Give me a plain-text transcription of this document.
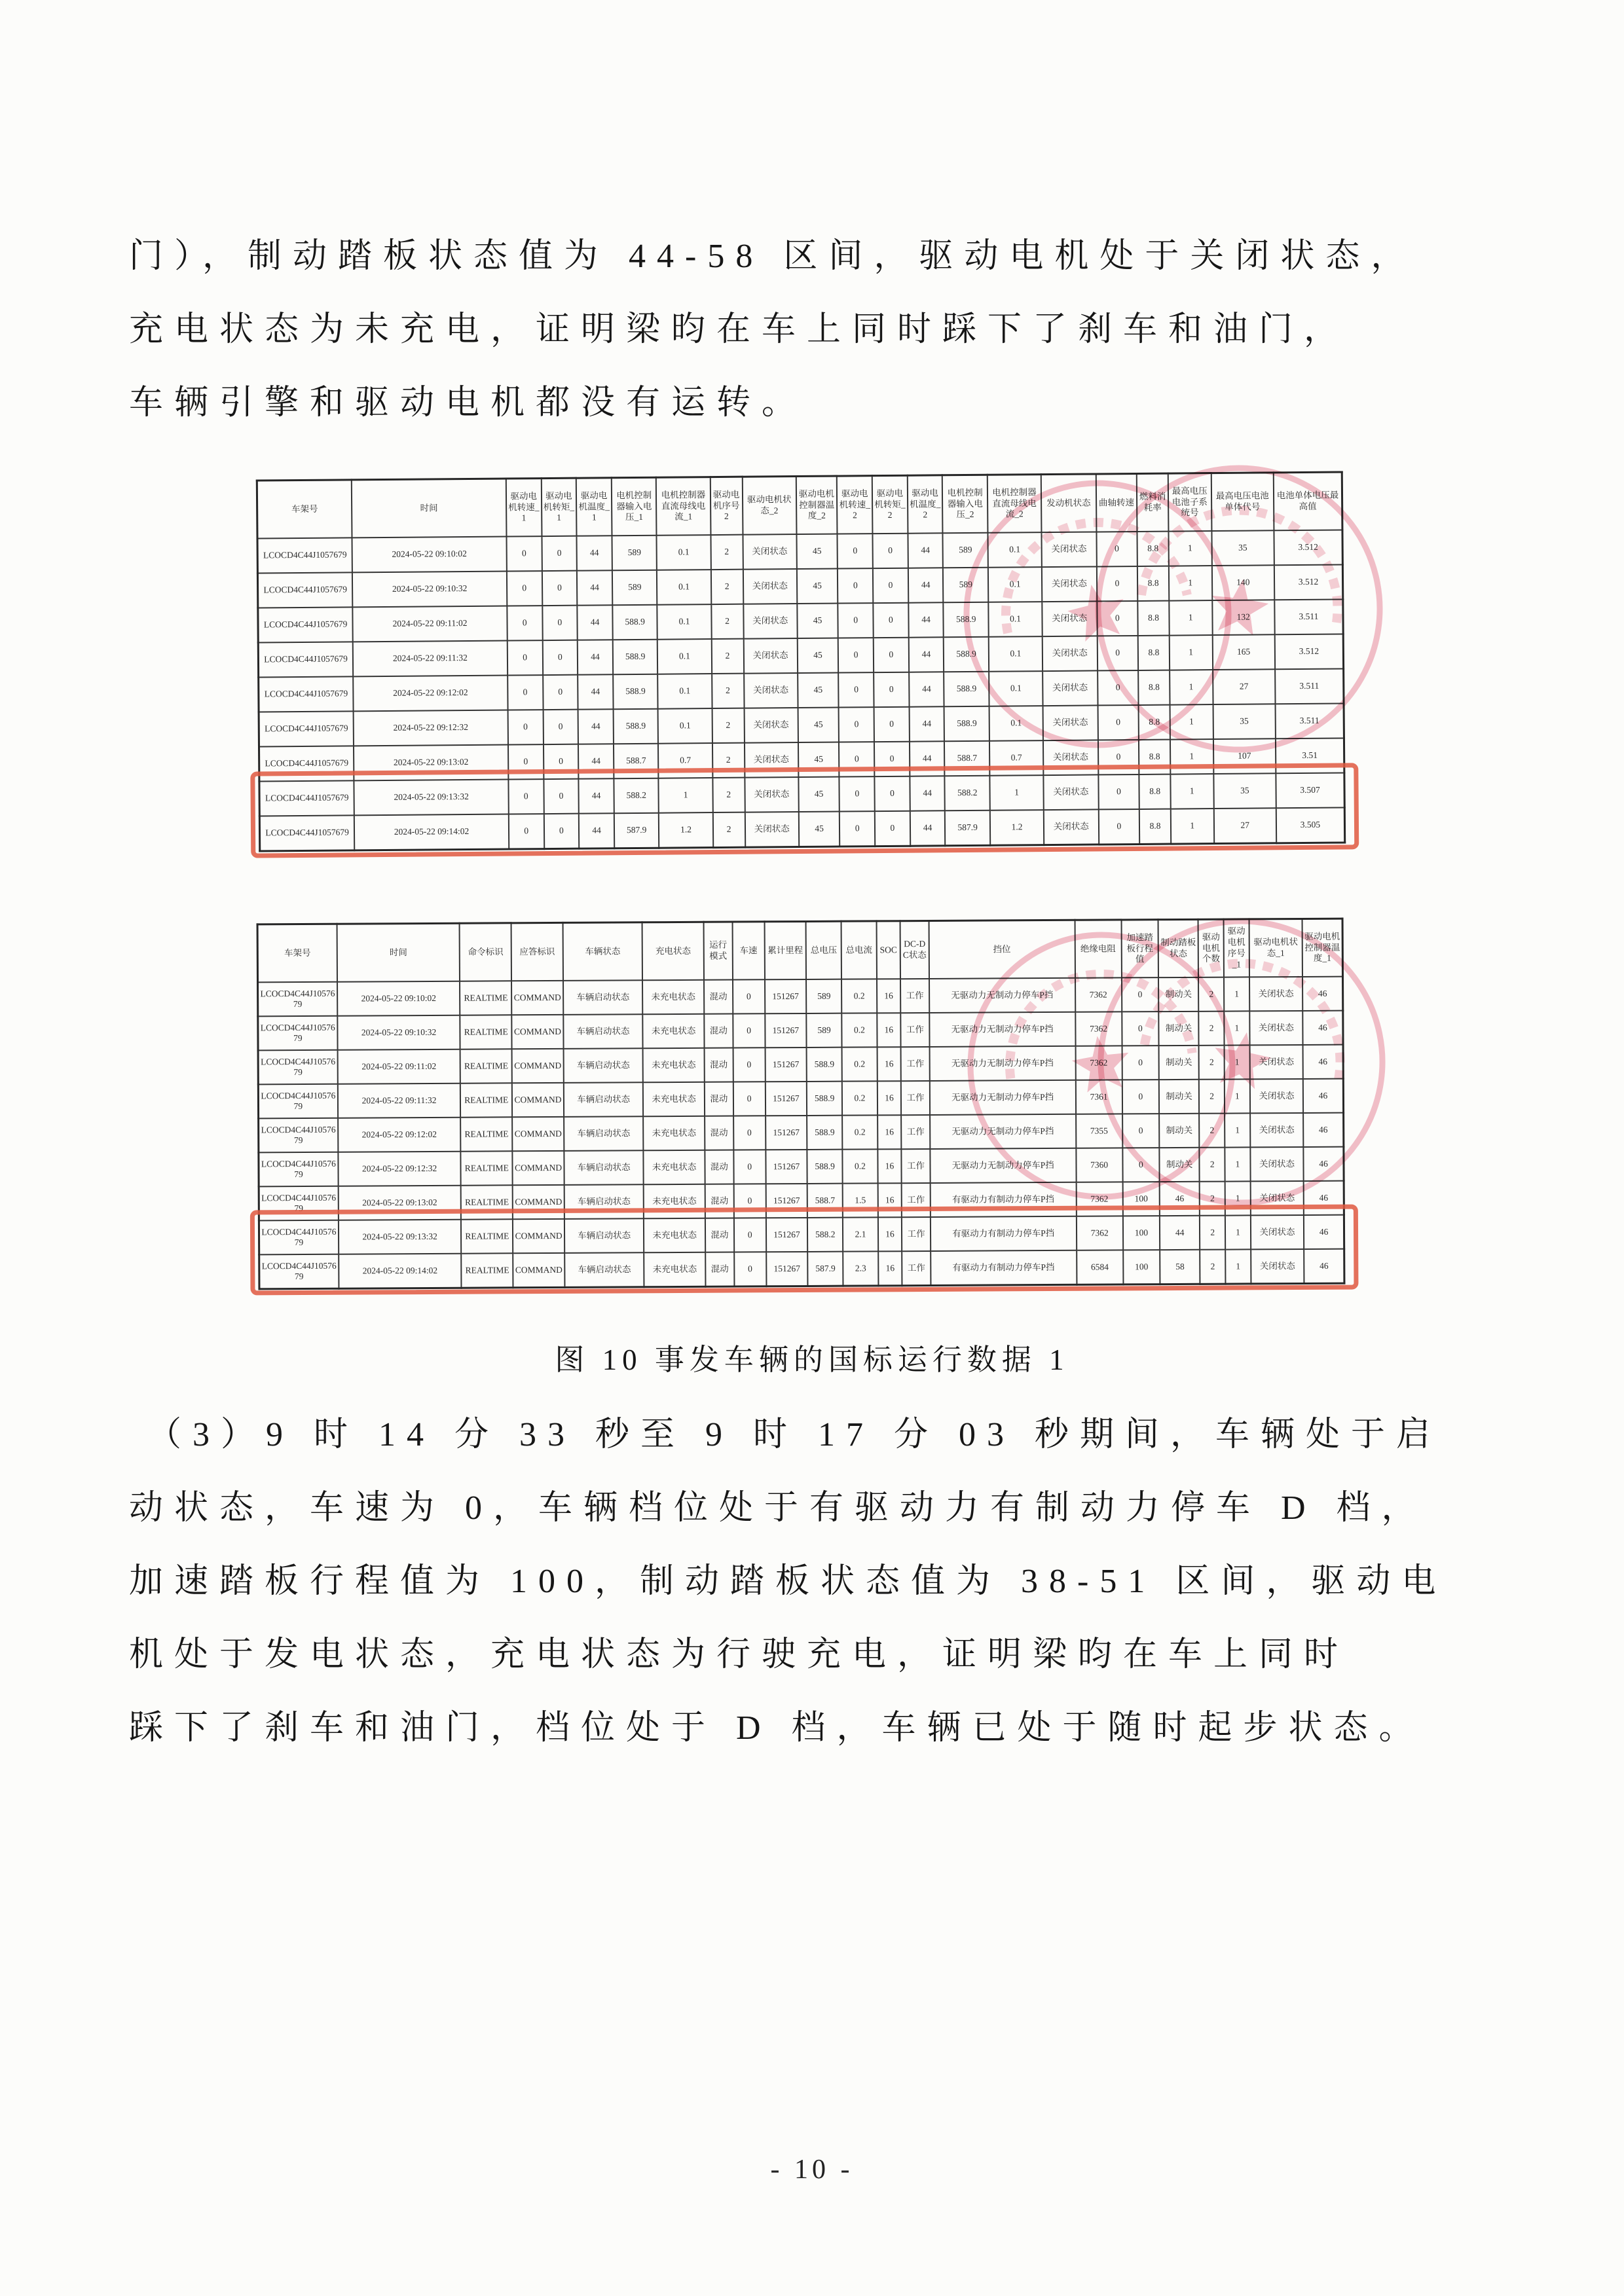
门），制动踏板状态值为 44-58 区间，驱动电机处于关闭状态，
充电状态为未充电，证明梁昀在车上同时踩下了刹车和油门，
车辆引擎和驱动电机都没有运转。
车架号	时间	驱动电机转速_1	驱动电机转矩_1	驱动电机温度_1	电机控制器输入电压_1	电机控制器直流母线电流_1	驱动电机序号2	驱动电机状态_2	驱动电机控制器温度_2	驱动电机转速_2	驱动电机转矩_2	驱动电机温度_2	电机控制器输入电压_2	电机控制器直流母线电流_2	发动机状态	曲轴转速	燃料消耗率	最高电压电池子系统号	最高电压电池单体代号	电池单体电压最高值
LCOCD4C44J1057679	2024-05-22 09:10:02	0	0	44	589	0.1	2	关闭状态	45	0	0	44	589	0.1	关闭状态	0	8.8	1	35	3.512
LCOCD4C44J1057679	2024-05-22 09:10:32	0	0	44	589	0.1	2	关闭状态	45	0	0	44	589	0.1	关闭状态	0	8.8	1	140	3.512
LCOCD4C44J1057679	2024-05-22 09:11:02	0	0	44	588.9	0.1	2	关闭状态	45	0	0	44	588.9	0.1	关闭状态	0	8.8	1	132	3.511
LCOCD4C44J1057679	2024-05-22 09:11:32	0	0	44	588.9	0.1	2	关闭状态	45	0	0	44	588.9	0.1	关闭状态	0	8.8	1	165	3.512
LCOCD4C44J1057679	2024-05-22 09:12:02	0	0	44	588.9	0.1	2	关闭状态	45	0	0	44	588.9	0.1	关闭状态	0	8.8	1	27	3.511
LCOCD4C44J1057679	2024-05-22 09:12:32	0	0	44	588.9	0.1	2	关闭状态	45	0	0	44	588.9	0.1	关闭状态	0	8.8	1	35	3.511
LCOCD4C44J1057679	2024-05-22 09:13:02	0	0	44	588.7	0.7	2	关闭状态	45	0	0	44	588.7	0.7	关闭状态	0	8.8	1	107	3.51
LCOCD4C44J1057679	2024-05-22 09:13:32	0	0	44	588.2	1	2	关闭状态	45	0	0	44	588.2	1	关闭状态	0	8.8	1	35	3.507
LCOCD4C44J1057679	2024-05-22 09:14:02	0	0	44	587.9	1.2	2	关闭状态	45	0	0	44	587.9	1.2	关闭状态	0	8.8	1	27	3.505
车架号	时间	命令标识	应答标识	车辆状态	充电状态	运行模式	车速	累计里程	总电压	总电流	SOC	DC-DC状态	挡位	绝缘电阻	加速踏板行程值	制动踏板状态	驱动电机个数	驱动电机序号_1	驱动电机状态_1	驱动电机控制器温度_1
LCOCD4C44J1057679	2024-05-22 09:10:02	REALTIME	COMMAND	车辆启动状态	未充电状态	混动	0	151267	589	0.2	16	工作	无驱动力无制动力停车P挡	7362	0	制动关	2	1	关闭状态	46
LCOCD4C44J1057679	2024-05-22 09:10:32	REALTIME	COMMAND	车辆启动状态	未充电状态	混动	0	151267	589	0.2	16	工作	无驱动力无制动力停车P挡	7362	0	制动关	2	1	关闭状态	46
LCOCD4C44J1057679	2024-05-22 09:11:02	REALTIME	COMMAND	车辆启动状态	未充电状态	混动	0	151267	588.9	0.2	16	工作	无驱动力无制动力停车P挡	7362	0	制动关	2	1	关闭状态	46
LCOCD4C44J1057679	2024-05-22 09:11:32	REALTIME	COMMAND	车辆启动状态	未充电状态	混动	0	151267	588.9	0.2	16	工作	无驱动力无制动力停车P挡	7361	0	制动关	2	1	关闭状态	46
LCOCD4C44J1057679	2024-05-22 09:12:02	REALTIME	COMMAND	车辆启动状态	未充电状态	混动	0	151267	588.9	0.2	16	工作	无驱动力无制动力停车P挡	7355	0	制动关	2	1	关闭状态	46
LCOCD4C44J1057679	2024-05-22 09:12:32	REALTIME	COMMAND	车辆启动状态	未充电状态	混动	0	151267	588.9	0.2	16	工作	无驱动力无制动力停车P挡	7360	0	制动关	2	1	关闭状态	46
LCOCD4C44J1057679	2024-05-22 09:13:02	REALTIME	COMMAND	车辆启动状态	未充电状态	混动	0	151267	588.7	1.5	16	工作	有驱动力有制动力停车P挡	7362	100	46	2	1	关闭状态	46
LCOCD4C44J1057679	2024-05-22 09:13:32	REALTIME	COMMAND	车辆启动状态	未充电状态	混动	0	151267	588.2	2.1	16	工作	有驱动力有制动力停车P挡	7362	100	44	2	1	关闭状态	46
LCOCD4C44J1057679	2024-05-22 09:14:02	REALTIME	COMMAND	车辆启动状态	未充电状态	混动	0	151267	587.9	2.3	16	工作	有驱动力有制动力停车P挡	6584	100	58	2	1	关闭状态	46
图 10 事发车辆的国标运行数据 1
（3）9 时 14 分 33 秒至 9 时 17 分 03 秒期间，车辆处于启
动状态，车速为 0，车辆档位处于有驱动力有制动力停车 D 档，
加速踏板行程值为 100，制动踏板状态值为 38-51 区间，驱动电
机处于发电状态，充电状态为行驶充电，证明梁昀在车上同时
踩下了刹车和油门，档位处于 D 档，车辆已处于随时起步状态。
- 10 -
